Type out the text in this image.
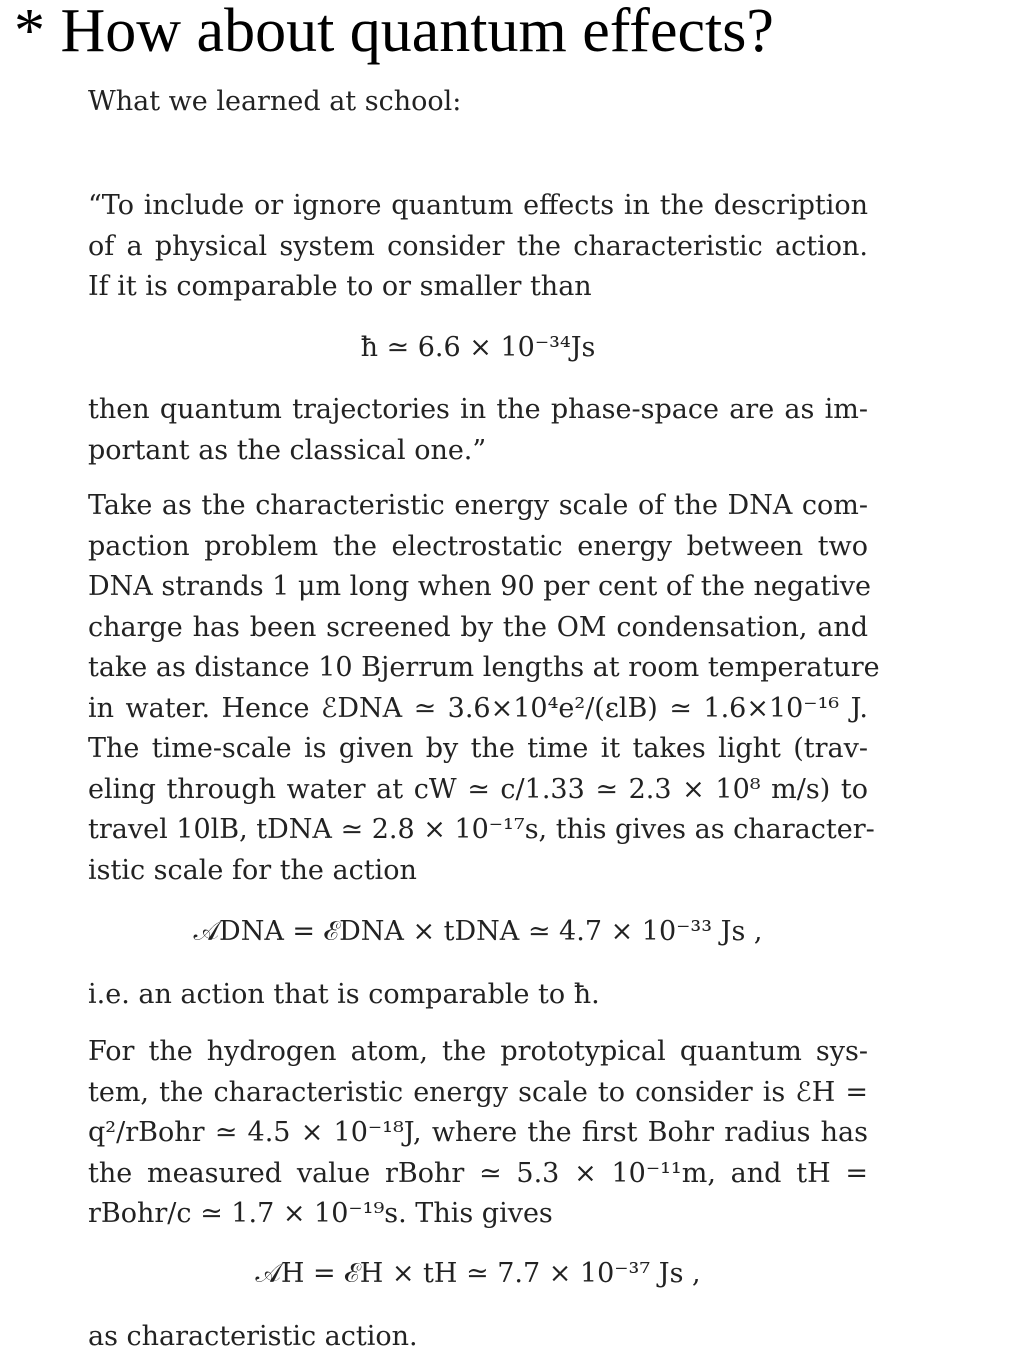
* How about quantum effects?
What we learned at school:
“To include or ignore quantum effects in the description
of a physical system consider the characteristic action.
If it is comparable to or smaller than
ħ ≃ 6.6 × 10⁻³⁴Js
then quantum trajectories in the phase-space are as im-
portant as the classical one.”
Take as the characteristic energy scale of the DNA com-
paction problem the electrostatic energy between two
DNA strands 1 μm long when 90 per cent of the negative
charge has been screened by the OM condensation, and
take as distance 10 Bjerrum lengths at room temperature
in water. Hence ℰDNA ≃ 3.6×10⁴e²/(εlB) ≃ 1.6×10⁻¹⁶ J.
The time-scale is given by the time it takes light (trav-
eling through water at cW ≃ c/1.33 ≃ 2.3 × 10⁸ m/s) to
travel 10lB, tDNA ≃ 2.8 × 10⁻¹⁷s, this gives as character-
istic scale for the action
𝒜DNA = ℰDNA × tDNA ≃ 4.7 × 10⁻³³ Js ,
i.e. an action that is comparable to ħ.
For the hydrogen atom, the prototypical quantum sys-
tem, the characteristic energy scale to consider is ℰH =
q²/rBohr ≃ 4.5 × 10⁻¹⁸J, where the first Bohr radius has
the measured value rBohr ≃ 5.3 × 10⁻¹¹m, and tH =
rBohr/c ≃ 1.7 × 10⁻¹⁹s. This gives
𝒜H = ℰH × tH ≃ 7.7 × 10⁻³⁷ Js ,
as characteristic action.
